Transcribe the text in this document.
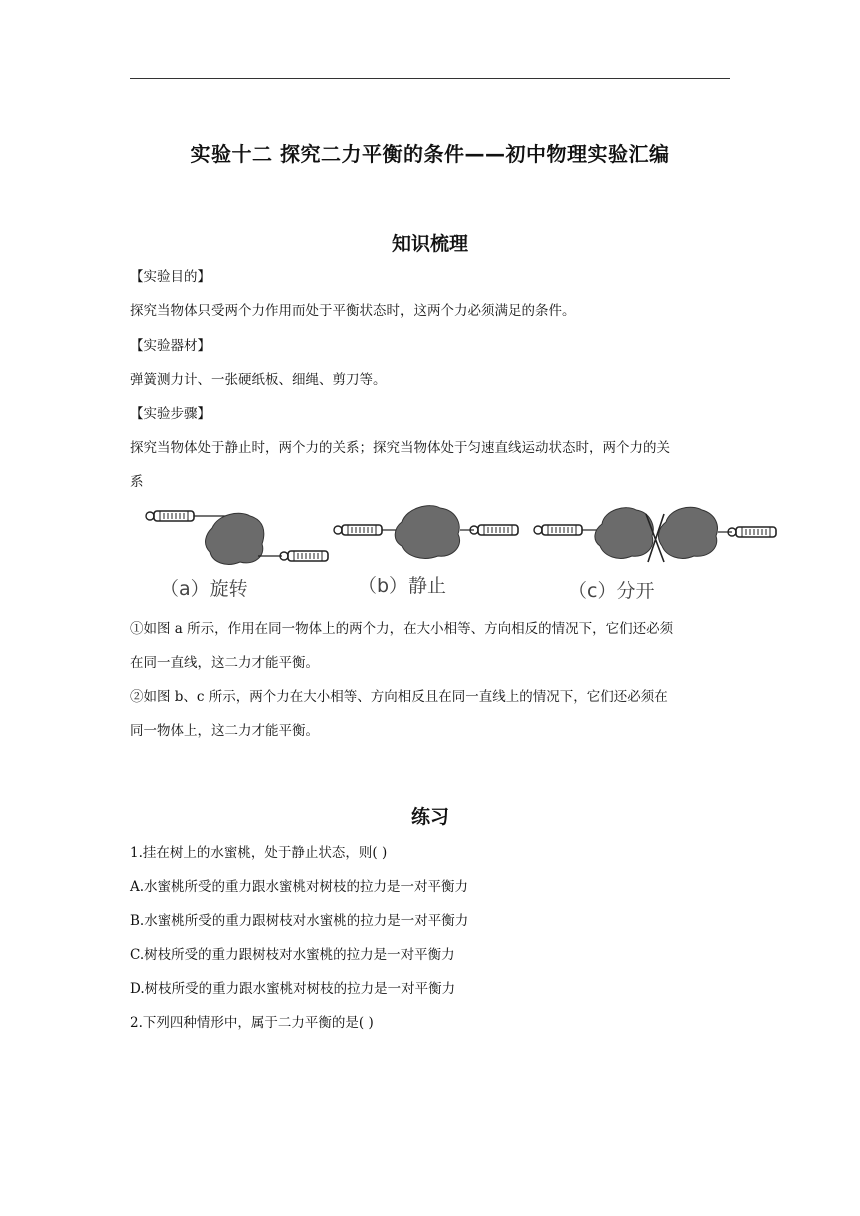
实验十二 探究二力平衡的条件——初中物理实验汇编
知识梳理
【实验目的】
探究当物体只受两个力作用而处于平衡状态时，这两个力必须满足的条件。
【实验器材】
弹簧测力计、一张硬纸板、细绳、剪刀等。
【实验步骤】
探究当物体处于静止时，两个力的关系；探究当物体处于匀速直线运动状态时，两个力的关
系
（a）旋转	（b）静止	（c）分开
①如图 a 所示，作用在同一物体上的两个力，在大小相等、方向相反的情况下，它们还必须
在同一直线，这二力才能平衡。
②如图 b、c 所示，两个力在大小相等、方向相反且在同一直线上的情况下，它们还必须在
同一物体上，这二力才能平衡。
练习
1.挂在树上的水蜜桃，处于静止状态，则( )
A.水蜜桃所受的重力跟水蜜桃对树枝的拉力是一对平衡力
B.水蜜桃所受的重力跟树枝对水蜜桃的拉力是一对平衡力
C.树枝所受的重力跟树枝对水蜜桃的拉力是一对平衡力
D.树枝所受的重力跟水蜜桃对树枝的拉力是一对平衡力
2.下列四种情形中，属于二力平衡的是( )
